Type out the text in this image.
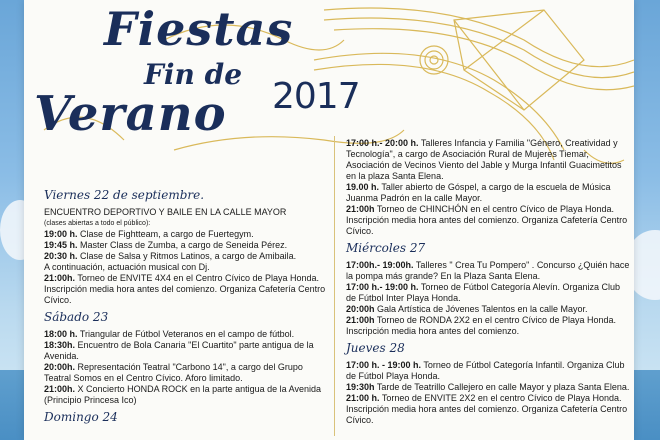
Fiestas
Fin de
Verano 2017
Viernes 22 de septiembre.

ENCUENTRO DEPORTIVO Y BAILE EN LA CALLE MAYOR

(clases abiertas a todo el público):

19:00 h. Clase de Fightteam, a cargo de Fuertegym.

19:45 h. Master Class de Zumba, a cargo de Seneida Pérez.

20:30 h. Clase de Salsa y Ritmos Latinos, a cargo de Amibaila.

A continuación, actuación musical con Dj.

21:00h. Torneo de ENVITE 4X4 en el Centro Cívico de Playa Honda. Inscripción media hora antes del comienzo. Organiza Cafetería Centro Cívico.

Sábado 23

18:00 h. Triangular de Fútbol Veteranos en el campo de fútbol.

18:30h. Encuentro de Bola Canaria "El Cuartito" parte antigua de la Avenida.

20:00h. Representación Teatral "Carbono 14", a cargo del Grupo Teatral Somos en el Centro Cívico. Aforo limitado.

21:00h. X Concierto HONDA ROCK en la parte antigua de la Avenida (Principio Princesa Ico)

Domingo 24

17:00 h.- 20:00 h. Talleres Infancia y Familia "Género, Creatividad y Tecnología", a cargo de Asociación Rural de Mujeres Tiemar, Asociación de Vecinos Viento del Jable y Murga Infantil Guacimetitos en la plaza Santa Elena.

19.00 h. Taller abierto de Góspel, a cargo de la escuela de Música Juanma Padrón en la calle Mayor.

21:00h Torneo de CHINCHÓN en el centro Cívico de Playa Honda. Inscripción media hora antes del comienzo. Organiza Cafetería Centro Cívico.

Miércoles 27

17:00h.- 19:00h. Talleres " Crea Tu Pompero" . Concurso ¿Quién hace la pompa más grande? En la Plaza Santa Elena.

17:00 h.- 19:00 h. Torneo de Fútbol Categoría Alevín. Organiza Club de Fútbol Inter Playa Honda.

20:00h Gala Artística de Jóvenes Talentos en la calle Mayor.

21:00h Torneo de RONDA 2X2 en el centro Cívico de Playa Honda. Inscripción media hora antes del comienzo.

Jueves 28

17:00 h. - 19:00 h. Torneo de Fútbol Categoría Infantil. Organiza Club de Fútbol Playa Honda.

19:30h Tarde de Teatrillo Callejero en calle Mayor y plaza Santa Elena.

21:00 h. Torneo de ENVITE 2X2 en el centro Cívico de Playa Honda. Inscripción media hora antes del comienzo. Organiza Cafetería Centro Cívico.
